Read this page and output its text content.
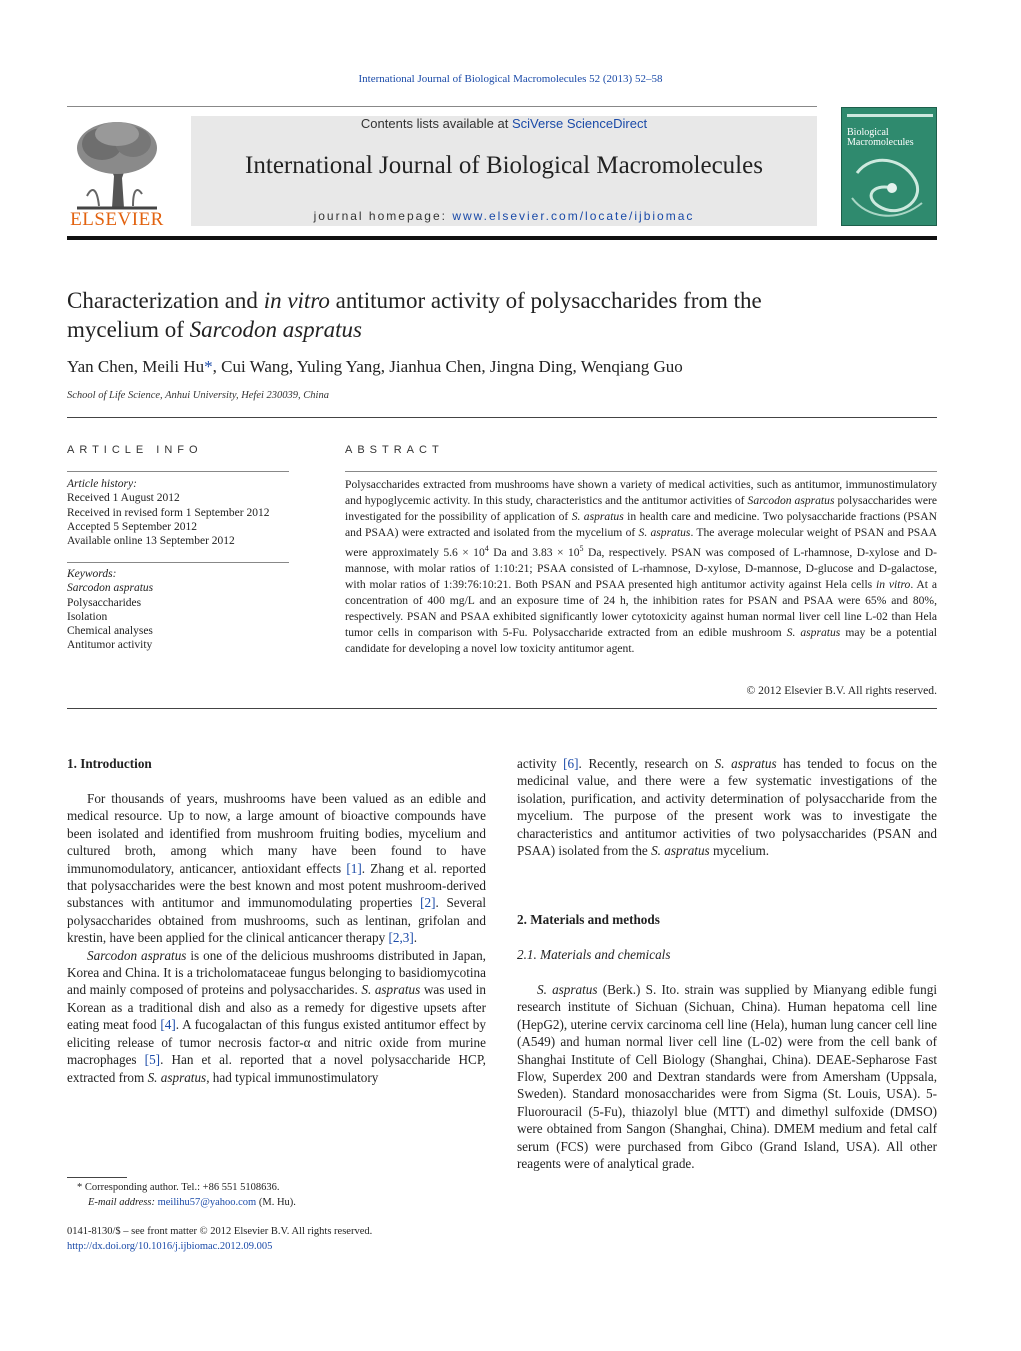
International Journal of Biological Macromolecules 52 (2013) 52–58
ELSEVIER
Contents lists available at SciVerse ScienceDirect
International Journal of Biological Macromolecules
journal homepage: www.elsevier.com/locate/ijbiomac
Biological
Macromolecules
Characterization and in vitro antitumor activity of polysaccharides from the
mycelium of Sarcodon aspratus
Yan Chen, Meili Hu*, Cui Wang, Yuling Yang, Jianhua Chen, Jingna Ding, Wenqiang Guo
School of Life Science, Anhui University, Hefei 230039, China
ARTICLE INFO
Article history:
Received 1 August 2012
Received in revised form 1 September 2012
Accepted 5 September 2012
Available online 13 September 2012
Keywords:
Sarcodon aspratus
Polysaccharides
Isolation
Chemical analyses
Antitumor activity
ABSTRACT
Polysaccharides extracted from mushrooms have shown a variety of medical activities, such as antitumor, immunostimulatory and hypoglycemic activity. In this study, characteristics and the antitumor activities of Sarcodon aspratus polysaccharides were investigated for the possibility of application of S. aspratus in health care and medicine. Two polysaccharide fractions (PSAN and PSAA) were extracted and isolated from the mycelium of S. aspratus. The average molecular weight of PSAN and PSAA were approximately $5.6 \times 10^4$ Da and $3.83 \times 10^5$ Da, respectively. PSAN was composed of L-rhamnose, D-xylose and D-mannose, with molar ratios of 1:10:21; PSAA consisted of L-rhamnose, D-xylose, D-mannose, D-glucose and D-galactose, with molar ratios of 1:39:76:10:21. Both PSAN and PSAA presented high antitumor activity against Hela cells in vitro. At a concentration of 400 mg/L and an exposure time of 24 h, the inhibition rates for PSAN and PSAA were 65% and 80%, respectively. PSAN and PSAA exhibited significantly lower cytotoxicity against human normal liver cell line L-02 than Hela tumor cells in comparison with 5-Fu. Polysaccharide extracted from an edible mushroom S. aspratus may be a potential candidate for developing a novel low toxicity antitumor agent.
© 2012 Elsevier B.V. All rights reserved.
1. Introduction

For thousands of years, mushrooms have been valued as an edible and medical resource. Up to now, a large amount of bioactive compounds have been isolated and identified from mushroom fruiting bodies, mycelium and cultured broth, among which many have been found to have immunomodulatory, anticancer, antioxidant effects [1]. Zhang et al. reported that polysaccharides were the best known and most potent mushroom-derived substances with antitumor and immunomodulating properties [2]. Several polysaccharides obtained from mushrooms, such as lentinan, grifolan and krestin, have been applied for the clinical anticancer therapy [2,3].

Sarcodon aspratus is one of the delicious mushrooms distributed in Japan, Korea and China. It is a tricholomataceae fungus belonging to basidiomycotina and mainly composed of proteins and polysaccharides. S. aspratus was used in Korean as a traditional dish and also as a remedy for digestive upsets after eating meat food [4]. A fucogalactan of this fungus existed antitumor effect by eliciting release of tumor necrosis factor-α and nitric oxide from murine macrophages [5]. Han et al. reported that a novel polysaccharide HCP, extracted from S. aspratus, had typical immunostimulatory

activity [6]. Recently, research on S. aspratus has tended to focus on the medicinal value, and there were a few systematic investigations of the isolation, purification, and activity determination of polysaccharide from the mycelium. The purpose of the present work was to investigate the characteristics and antitumor activities of two polysaccharides (PSAN and PSAA) isolated from the S. aspratus mycelium.
2. Materials and methods
2.1. Materials and chemicals

S. aspratus (Berk.) S. Ito. strain was supplied by Mianyang edible fungi research institute of Sichuan (Sichuan, China). Human hepatoma cell line (HepG2), uterine cervix carcinoma cell line (Hela), human lung cancer cell line (A549) and human normal liver cell line (L-02) were from the cell bank of Shanghai Institute of Cell Biology (Shanghai, China). DEAE-Sepharose Fast Flow, Superdex 200 and Dextran standards were from Amersham (Uppsala, Sweden). Standard monosaccharides were from Sigma (St. Louis, USA). 5-Fluorouracil (5-Fu), thiazolyl blue (MTT) and dimethyl sulfoxide (DMSO) were obtained from Sangon (Shanghai, China). DMEM medium and fetal calf serum (FCS) were purchased from Gibco (Grand Island, USA). All other reagents were of analytical grade.

* Corresponding author. Tel.: +86 551 5108636.
E-mail address: meilihu57@yahoo.com (M. Hu).
0141-8130/$ – see front matter © 2012 Elsevier B.V. All rights reserved.
http://dx.doi.org/10.1016/j.ijbiomac.2012.09.005
